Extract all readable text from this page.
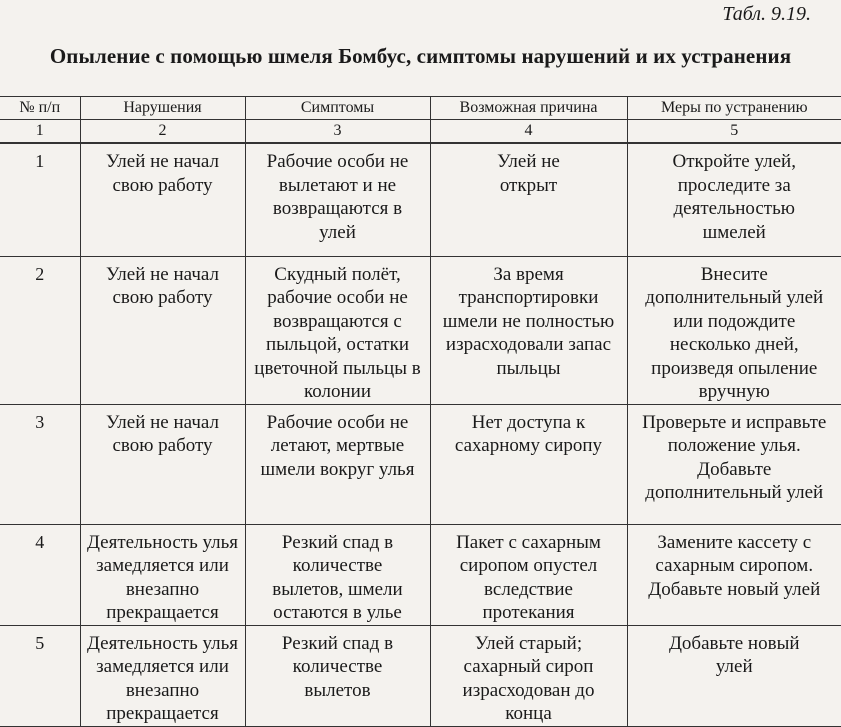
Табл. 9.19.
Опыление с помощью шмеля Бомбус, симптомы нарушений и их устранения
№ п/п	Нарушения	Симптомы	Возможная причина	Меры по устранению
1	2	3	4	5
1	Улей не начал свою работу	Рабочие особи не вылетают и не возвращаются в улей	Улей не открыт	Откройте улей, проследите за деятельностью шмелей

2	Улей не начал свою работу	Скудный полёт, рабочие особи не возвращаются с пыльцой, остатки цветочной пыльцы в колонии	За время транспортировки шмели не полностью израсходовали запас пыльцы	Внесите дополнительный улей или подождите несколько дней, произведя опыление вручную

3	Улей не начал свою работу	Рабочие особи не летают, мертвые шмели вокруг улья	Нет доступа к сахарному сиропу	Проверьте и исправьте положение улья. Добавьте дополнительный улей

4	Деятельность улья замедляется или внезапно прекращается	Резкий спад в количестве вылетов, шмели остаются в улье	Пакет с сахарным сиропом опустел вследствие протекания	Замените кассету с сахарным сиропом. Добавьте новый улей

5	Деятельность улья замедляется или внезапно прекращается	Резкий спад в количестве вылетов	Улей старый; сахарный сироп израсходован до конца	Добавьте новый улей
